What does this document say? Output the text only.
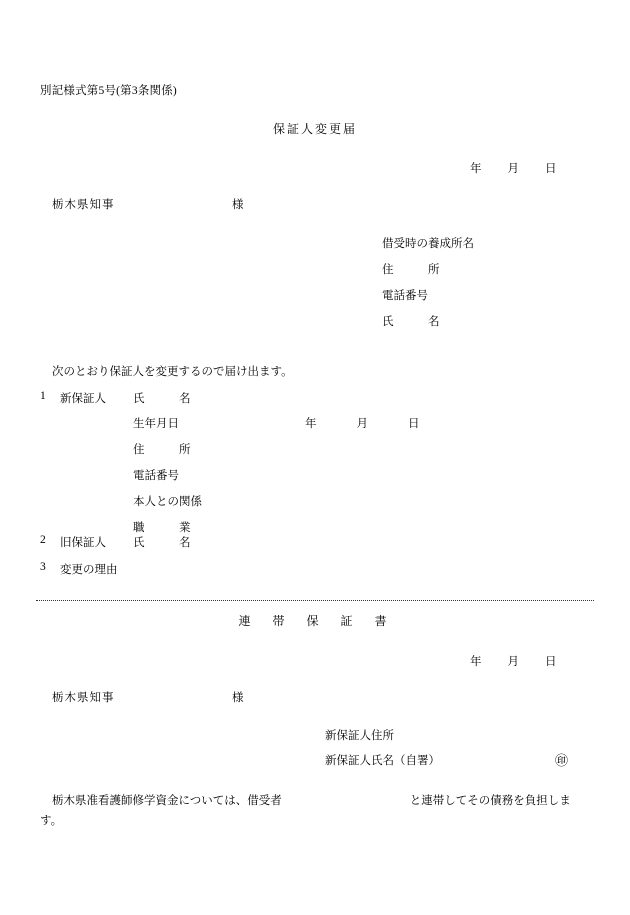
別記様式第5号(第3条関係)
保証人変更届
年 月 日
栃木県知事	様
借受時の養成所名
住　　　所
電話番号
氏　　　名
次のとおり保証人を変更するので届け出ます。
1 新保証人 氏　　　名
生年月日	年	月	日
住　　　所
電話番号
本人との関係
職　　　業
2 旧保証人 氏　　　名
3 変更の理由
連　帯　保　証　書
年 月 日
栃木県知事	様
新保証人住所
新保証人氏名（自署）	㊞
栃木県准看護師修学資金については、借受者	と連帯してその債務を負担しま
す。
